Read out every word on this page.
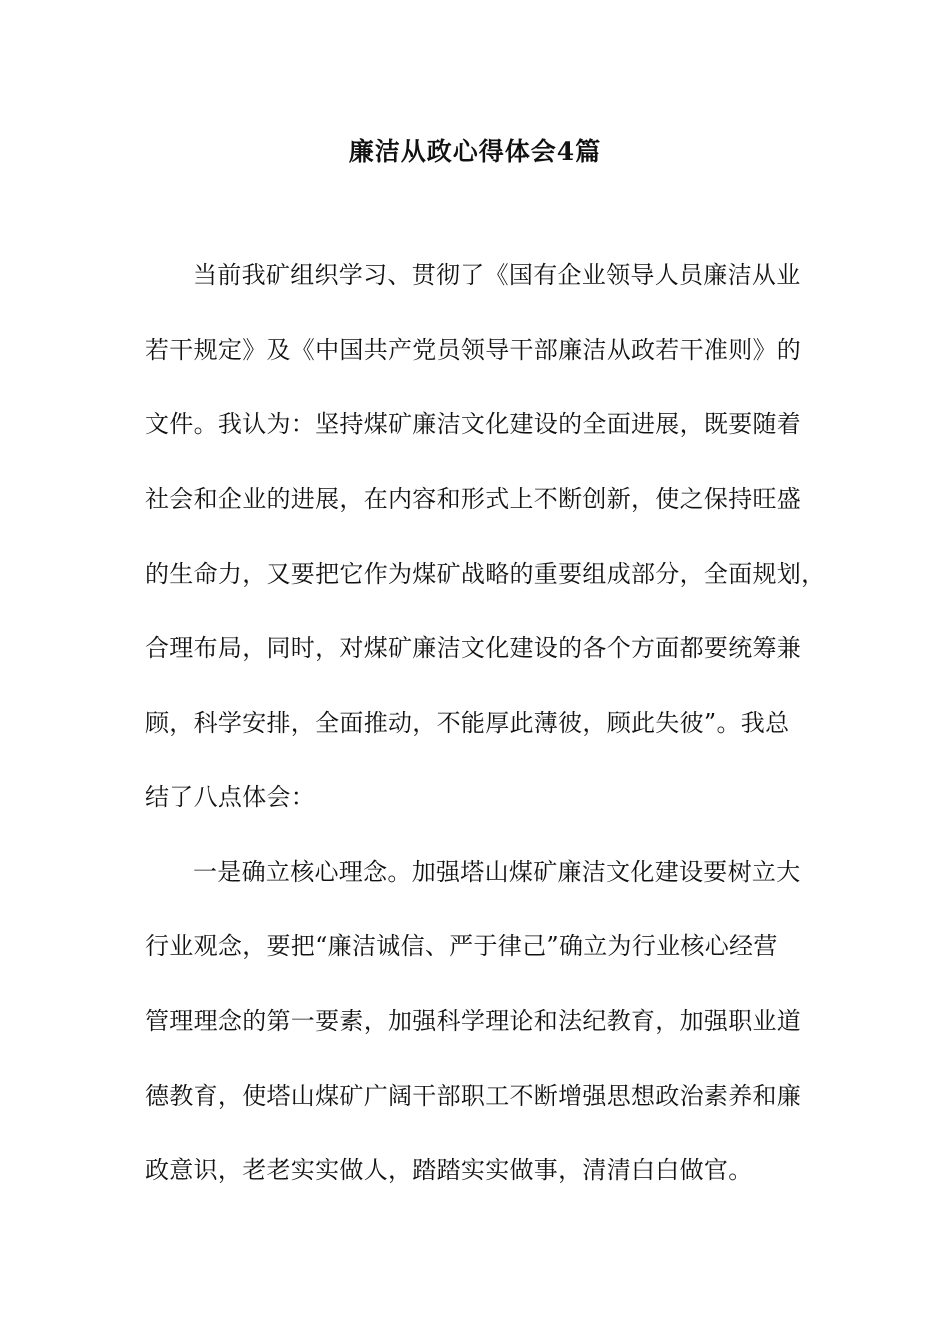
廉洁从政心得体会4篇
当前我矿组织学习、贯彻了《国有企业领导人员廉洁从业
若干规定》及《中国共产党员领导干部廉洁从政若干准则》的
文件。我认为：坚持煤矿廉洁文化建设的全面进展，既要随着
社会和企业的进展，在内容和形式上不断创新，使之保持旺盛
的生命力，又要把它作为煤矿战略的重要组成部分，全面规划，
合理布局，同时，对煤矿廉洁文化建设的各个方面都要统筹兼
顾，科学安排，全面推动，不能厚此薄彼，顾此失彼”。我总
结了八点体会：
一是确立核心理念。加强塔山煤矿廉洁文化建设要树立大
行业观念，要把“廉洁诚信、严于律己”确立为行业核心经营
管理理念的第一要素，加强科学理论和法纪教育，加强职业道
德教育，使塔山煤矿广阔干部职工不断增强思想政治素养和廉
政意识，老老实实做人，踏踏实实做事，清清白白做官。
